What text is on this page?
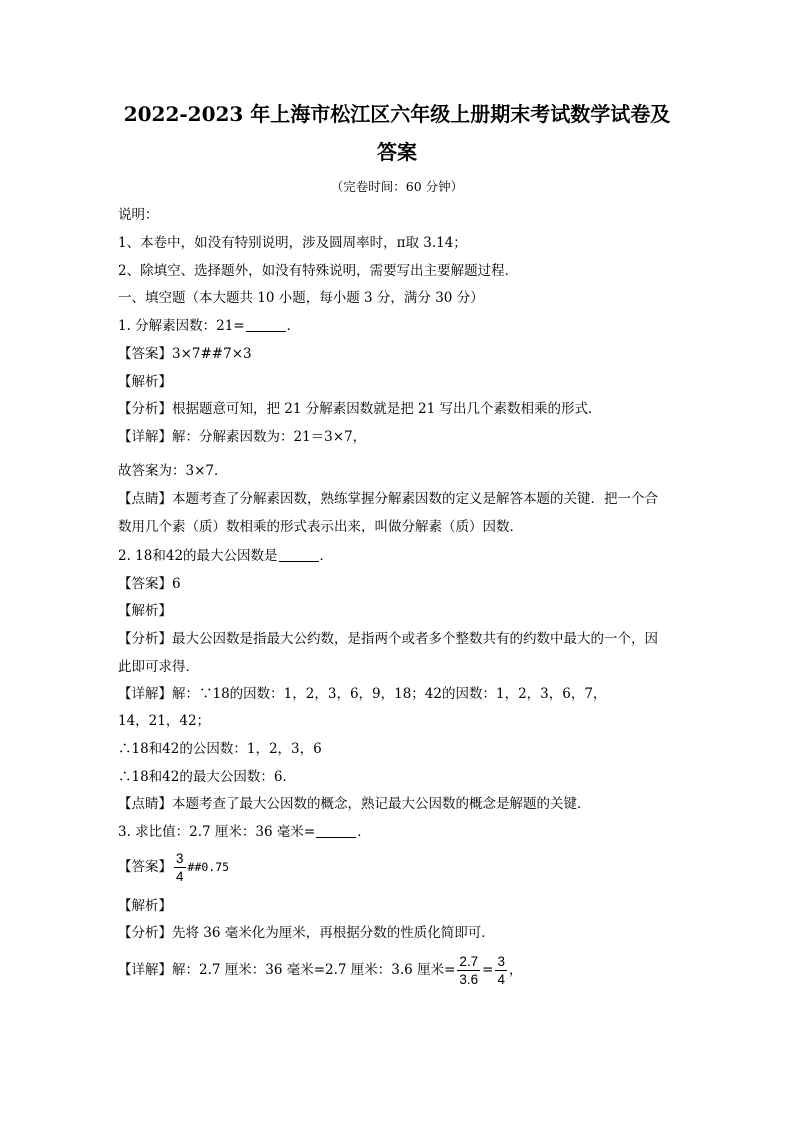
2022-2023 年上海市松江区六年级上册期末考试数学试卷及
答案
（完卷时间：60 分钟）
说明：
1、本卷中，如没有特别说明，涉及圆周率时，π取 3.14；
2、除填空、选择题外，如没有特殊说明，需要写出主要解题过程．
一、填空题（本大题共 10 小题，每小题 3 分，满分 30 分）
1. 分解素因数：21=	．
【答案】3×7##7×3
【解析】
【分析】根据题意可知，把 21 分解素因数就是把 21 写出几个素数相乘的形式．
【详解】解：分解素因数为：21＝3×7，
故答案为：3×7．
【点睛】本题考查了分解素因数，熟练掌握分解素因数的定义是解答本题的关键．把一个合
数用几个素（质）数相乘的形式表示出来，叫做分解素（质）因数．
2. 18和42的最大公因数是	．
【答案】6
【解析】
【分析】最大公因数是指最大公约数，是指两个或者多个整数共有的约数中最大的一个，因
此即可求得．
【详解】解：∵18的因数：1，2，3，6，9，18；42的因数：1，2，3，6，7，
14，21，42；
∴18和42的公因数：1，2，3，6
∴18和42的最大公因数：6．
【点睛】本题考查了最大公因数的概念，熟记最大公因数的概念是解题的关键．
3. 求比值：2.7 厘米：36 毫米=	．
【答案】 $\frac{3}{4}$ ##0.75
【解析】
【分析】先将 36 毫米化为厘米，再根据分数的性质化简即可．
【详解】解：2.7 厘米：36 毫米=2.7 厘米：3.6 厘米= $\frac{2.7}{3.6} = \frac{3}{4}$ ，
